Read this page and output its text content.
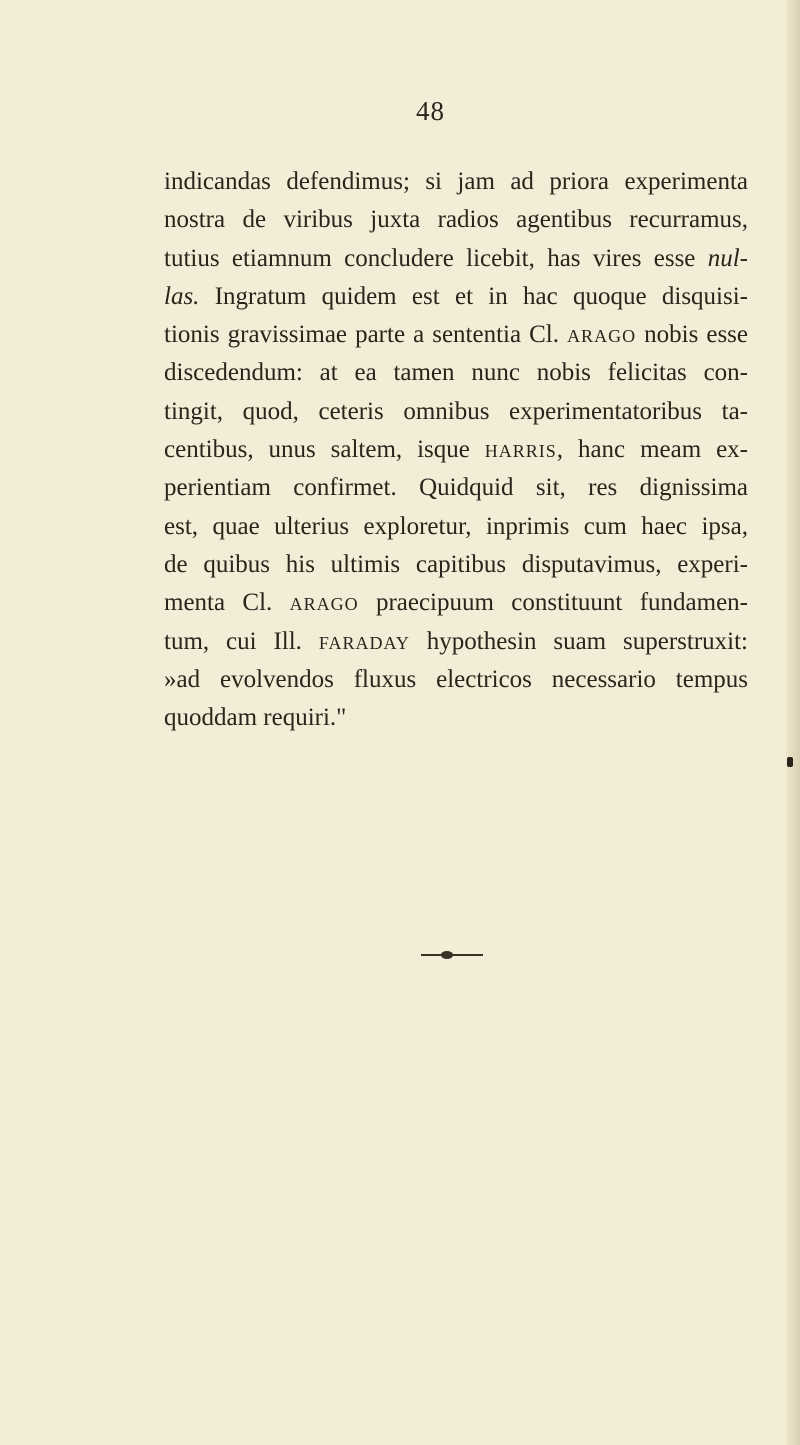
48
indicandas defendimus; si jam ad priora experimenta
nostra de viribus juxta radios agentibus recurramus,
tutius etiamnum concludere licebit, has vires esse nul-
las. Ingratum quidem est et in hac quoque disquisi-
tionis gravissimae parte a sententia Cl. arago nobis esse
discedendum: at ea tamen nunc nobis felicitas con-
tingit, quod, ceteris omnibus experimentatoribus ta-
centibus, unus saltem, isque harris, hanc meam ex-
perientiam confirmet. Quidquid sit, res dignissima
est, quae ulterius exploretur, inprimis cum haec ipsa,
de quibus his ultimis capitibus disputavimus, experi-
menta Cl. arago praecipuum constituunt fundamen-
tum, cui Ill. faraday hypothesin suam superstruxit:
»ad evolvendos fluxus electricos necessario tempus
quoddam requiri."
